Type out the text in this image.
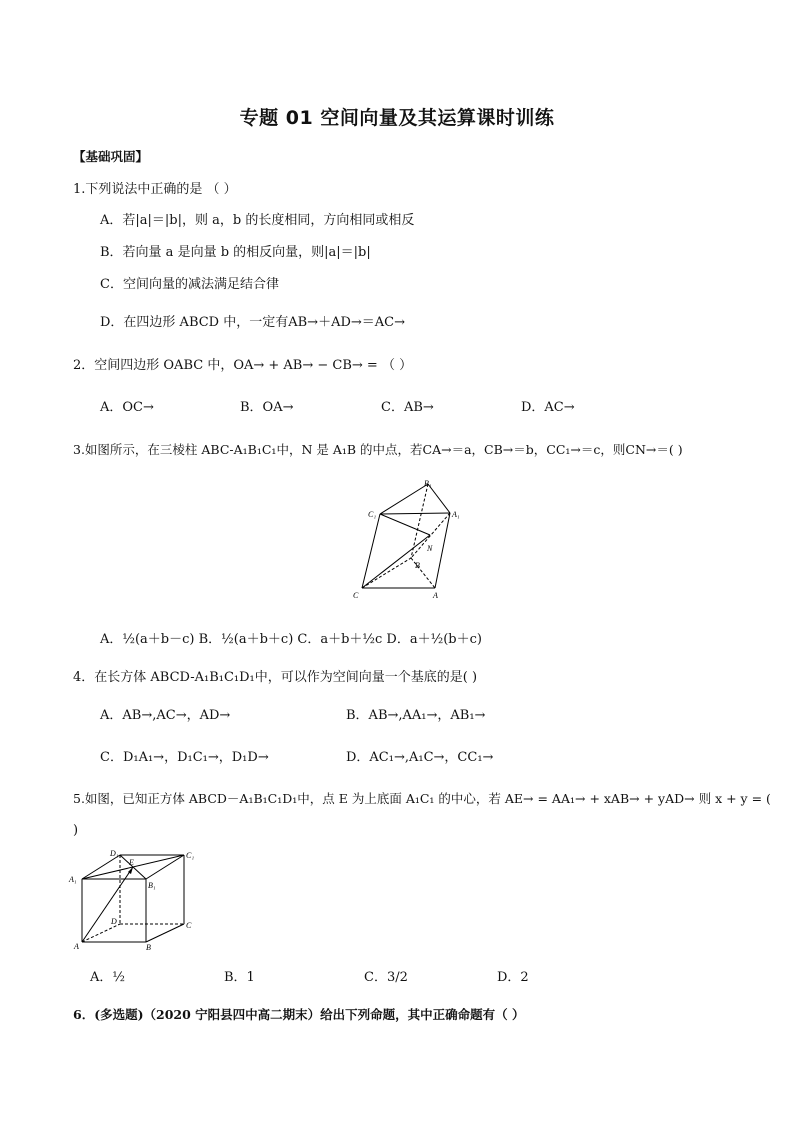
专题 01 空间向量及其运算课时训练
【基础巩固】
1.下列说法中正确的是 （ ）
A．若|a|＝|b|，则 a，b 的长度相同，方向相同或相反
B．若向量 a 是向量 b 的相反向量，则|a|＝|b|
C．空间向量的减法满足结合律
D．在四边形 ABCD 中，一定有AB→＋AD→＝AC→
2．空间四边形 OABC 中，OA→ + AB→ − CB→ = （ ）
A．OC→	B．OA→	C．AB→	D．AC→
3.如图所示，在三棱柱 ABC-A₁B₁C₁中，N 是 A₁B 的中点，若CA→＝a，CB→＝b，CC₁→＝c，则CN→＝( )
B₁
C₁	A₁
N
B
C	A
A．½(a＋b－c) B．½(a＋b＋c) C．a＋b＋½c D．a＋½(b＋c)
4．在长方体 ABCD-A₁B₁C₁D₁中，可以作为空间向量一个基底的是( )
A．AB→,AC→，AD→	B．AB→,AA₁→，AB₁→
C．D₁A₁→，D₁C₁→，D₁D→	D．AC₁→,A₁C→，CC₁→
5.如图，已知正方体 ABCD－A₁B₁C₁D₁中，点 E 为上底面 A₁C₁ 的中心，若 AE→ = AA₁→ + xAB→ + yAD→ 则 x + y = (
)
D₁	C₁
A₁
B₁
E
D	C
A	B
A．½	B．1	C．3/2	D．2
6．(多选题)（2020 宁阳县四中高二期末）给出下列命题，其中正确命题有（ ）
